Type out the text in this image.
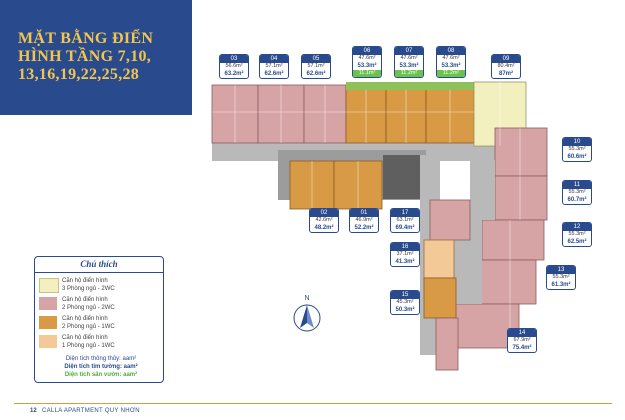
MẶT BẰNG ĐIỂN
HÌNH TẦNG 7,10,
13,16,19,22,25,28
03
56.6m²
63.2m²
04
57.1m²
62.6m²
05
57.1m²
62.6m²
06
47.6m²
53.3m²
11.1m²
07
47.6m²
53.3m²
11.2m²
08
47.6m²
53.3m²
11.2m²
09
80.4m²
87m²
10
55.3m²
60.6m²
11
55.3m²
60.7m²
12
55.3m²
62.5m²
13
55.3m²
61.3m²
14
67.9m²
75.4m²
15
45.3m²
50.3m²
16
37.1m²
41.3m²
17
63.1m²
69.4m²
01
46.9m²
52.2m²
02
42.6m²
48.2m²
Chú thích
Căn hộ điển hình
3 Phòng ngủ - 2WC
Căn hộ điển hình
2 Phòng ngủ - 2WC
Căn hộ điển hình
2 Phòng ngủ - 1WC
Căn hộ điển hình
1 Phòng ngủ - 1WC
Diện tích thông thủy: aam²
Diện tích tim tường: aam²
Diện tích sân vườn: aam²
N
12 CALLA APARTMENT QUY NHƠN
